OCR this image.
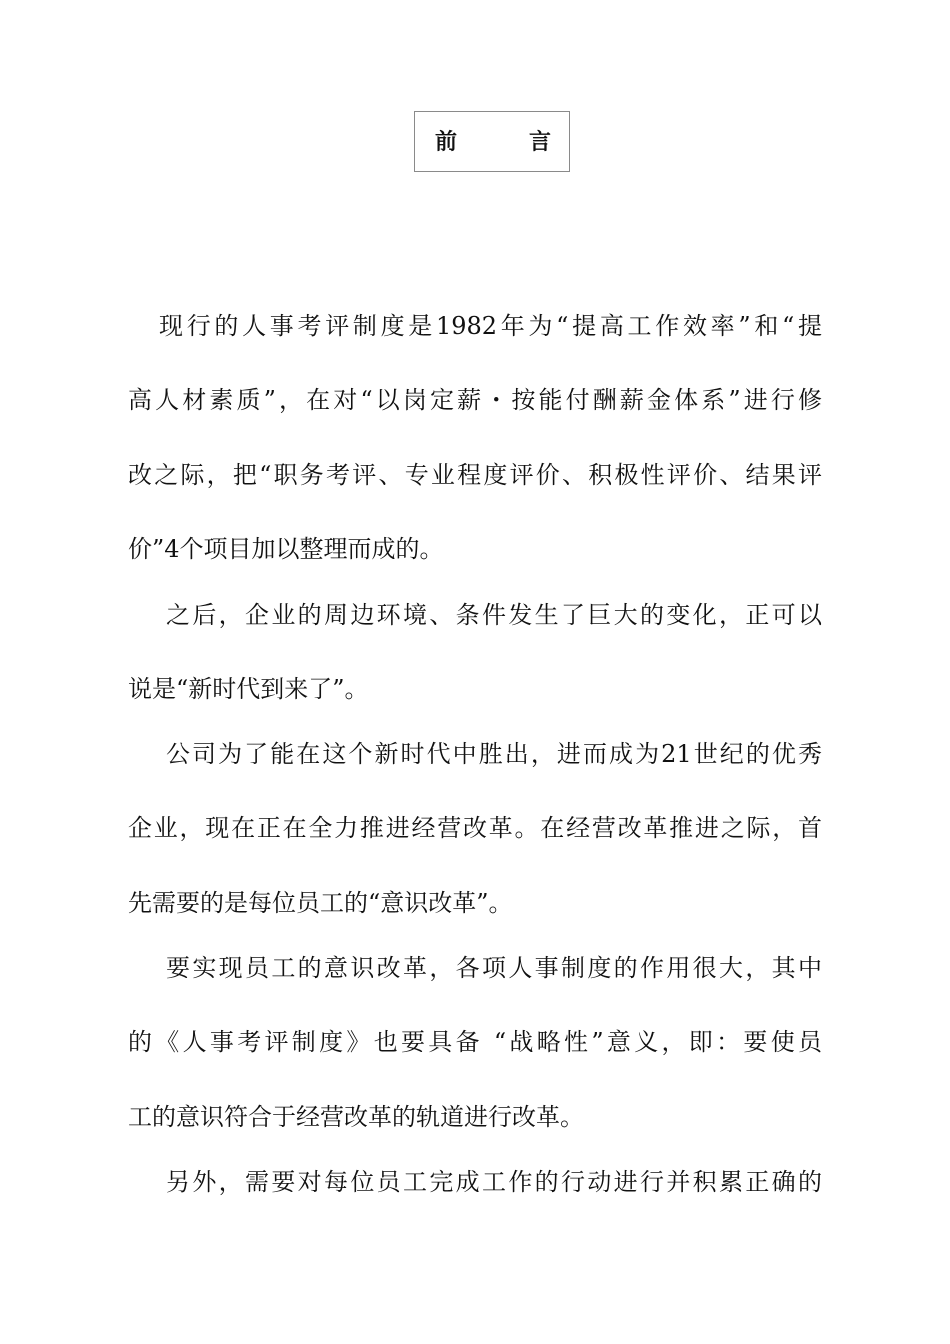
前	言
现行的人事考评制度是1982年为“提高工作效率”和“提
高人材素质”，在对“以岗定薪・按能付酬薪金体系”进行修
改之际，把“职务考评、专业程度评价、积极性评价、结果评
价”4个项目加以整理而成的。
之后，企业的周边环境、条件发生了巨大的变化，正可以
说是“新时代到来了”。
公司为了能在这个新时代中胜出，进而成为21世纪的优秀
企业，现在正在全力推进经营改革。在经营改革推进之际，首
先需要的是每位员工的“意识改革”。
要实现员工的意识改革，各项人事制度的作用很大，其中
的《人事考评制度》也要具备 “战略性”意义，即：要使员
工的意识符合于经营改革的轨道进行改革。
另外，需要对每位员工完成工作的行动进行并积累正确的
